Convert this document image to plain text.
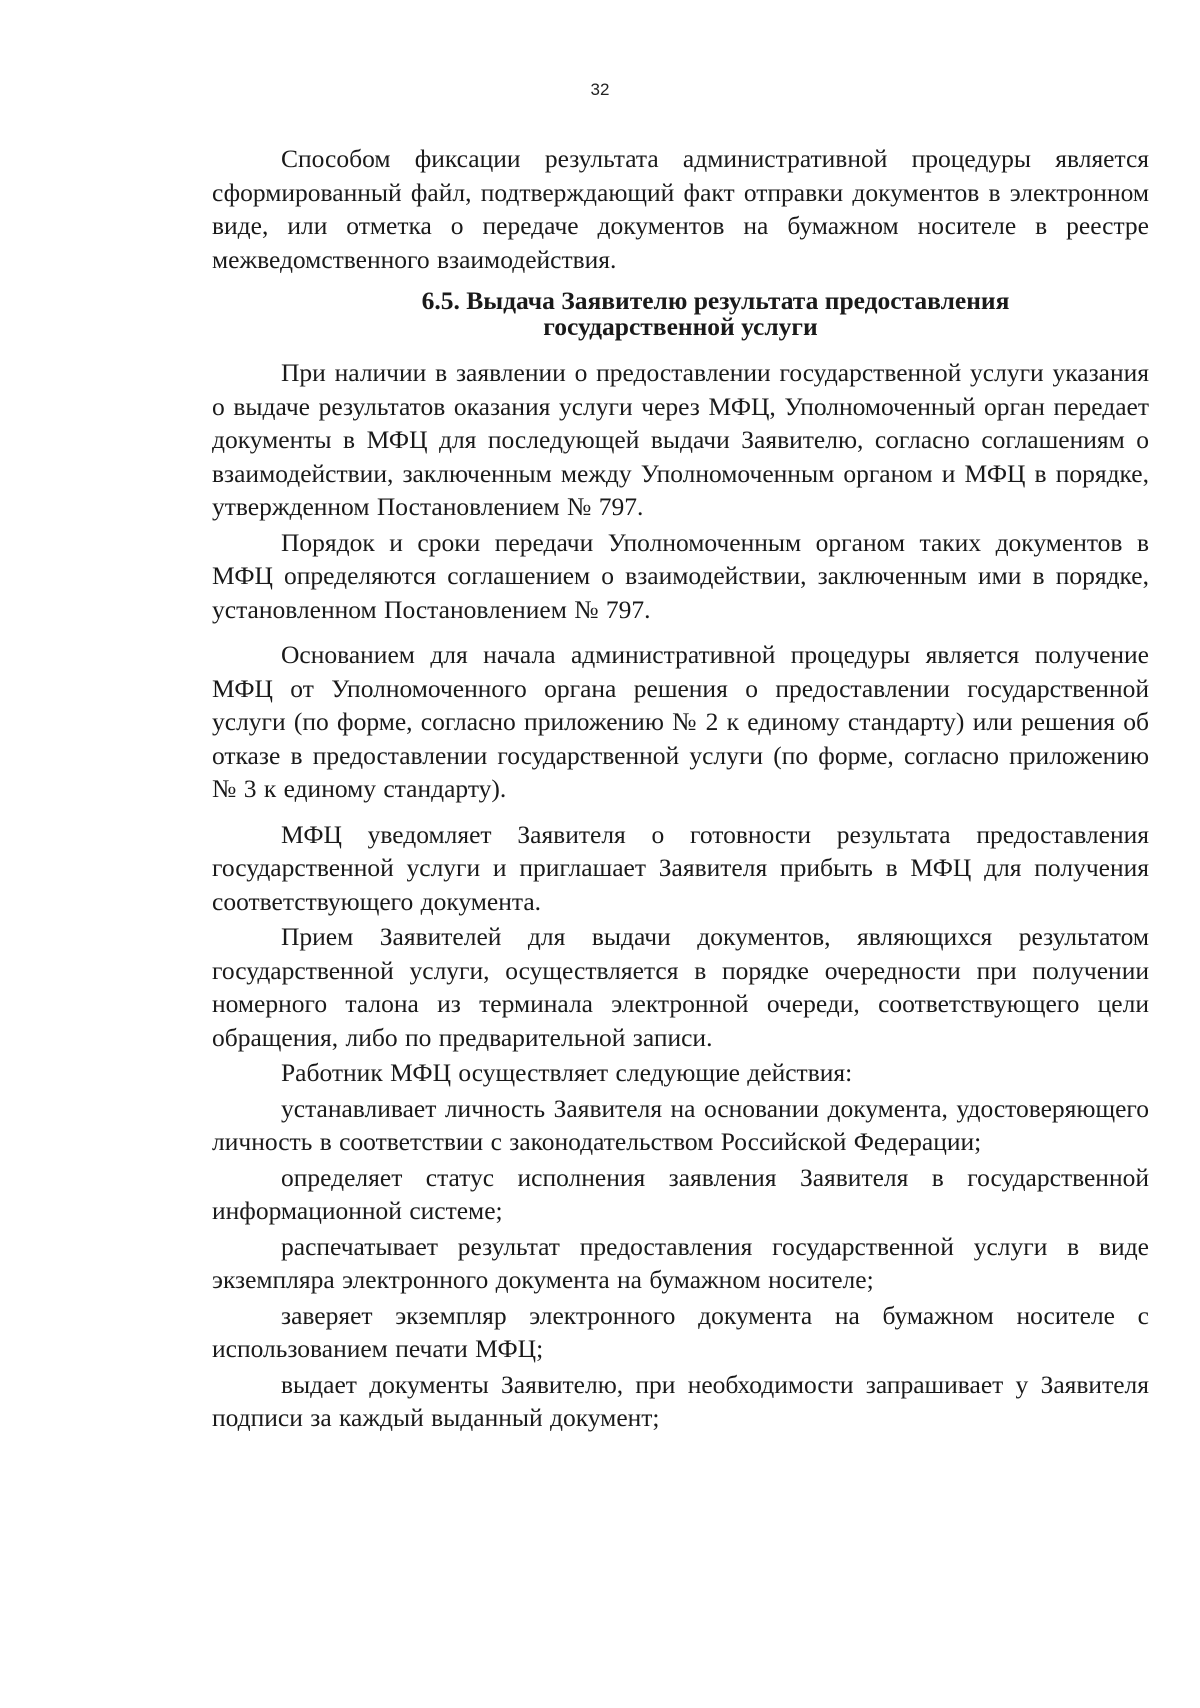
32

Способом фиксации результата административной процедуры является сформированный файл, подтверждающий факт отправки документов в электронном виде, или отметка о передаче документов на бумажном носителе в реестре межведомственного взаимодействия.

6.5. Выдача Заявителю результата предоставления
государственной услуги

При наличии в заявлении о предоставлении государственной услуги указания о выдаче результатов оказания услуги через МФЦ, Уполномоченный орган передает документы в МФЦ для последующей выдачи Заявителю, согласно соглашениям о взаимодействии, заключенным между Уполномоченным органом и МФЦ в порядке, утвержденном Постановлением № 797.

Порядок и сроки передачи Уполномоченным органом таких документов в МФЦ определяются соглашением о взаимодействии, заключенным ими в порядке, установленном Постановлением № 797.

Основанием для начала административной процедуры является получение МФЦ от Уполномоченного органа решения о предоставлении государственной услуги (по форме, согласно приложению № 2 к единому стандарту) или решения об отказе в предоставлении государственной услуги (по форме, согласно приложению № 3 к единому стандарту).

МФЦ уведомляет Заявителя о готовности результата предоставления государственной услуги и приглашает Заявителя прибыть в МФЦ для получения соответствующего документа.

Прием Заявителей для выдачи документов, являющихся результатом государственной услуги, осуществляется в порядке очередности при получении номерного талона из терминала электронной очереди, соответствующего цели обращения, либо по предварительной записи.

Работник МФЦ осуществляет следующие действия:

устанавливает личность Заявителя на основании документа, удостоверяющего личность в соответствии с законодательством Российской Федерации;

определяет статус исполнения заявления Заявителя в государственной информационной системе;

распечатывает результат предоставления государственной услуги в виде экземпляра электронного документа на бумажном носителе;

заверяет экземпляр электронного документа на бумажном носителе с использованием печати МФЦ;

выдает документы Заявителю, при необходимости запрашивает у Заявителя подписи за каждый выданный документ;
